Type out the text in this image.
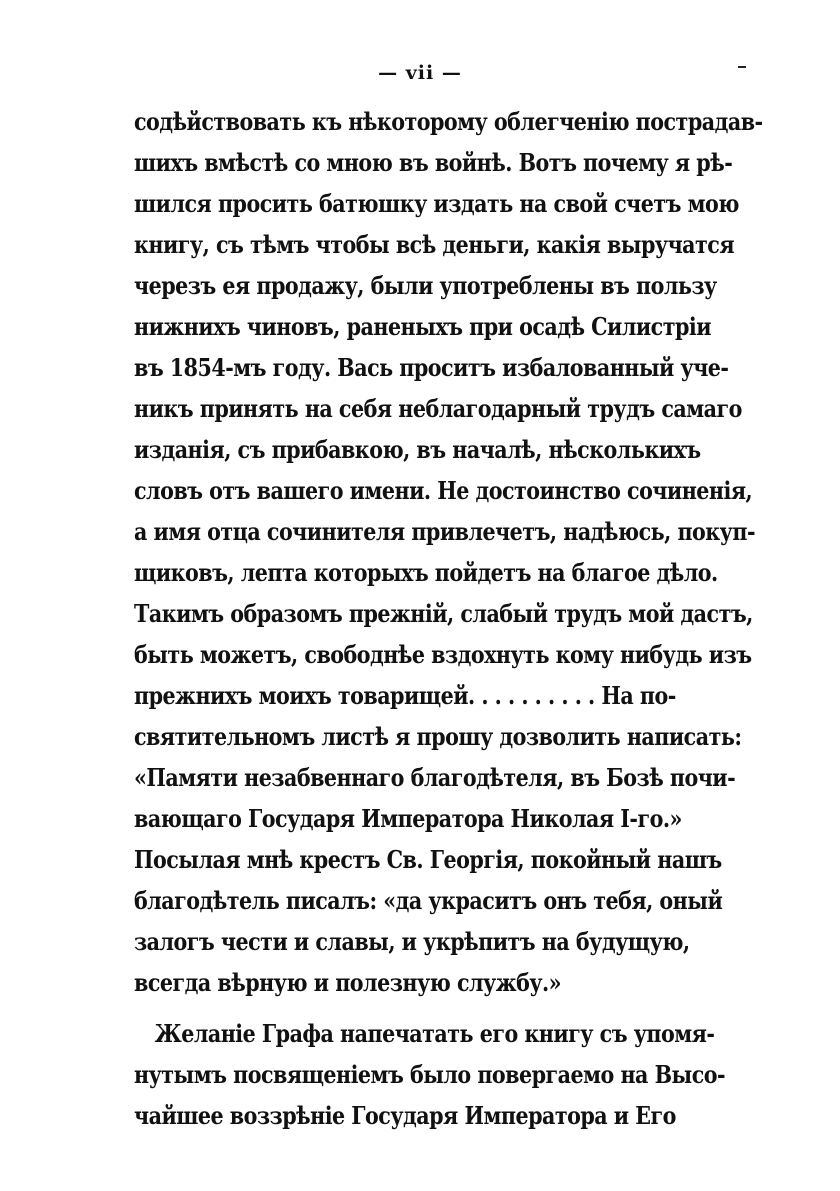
— vii —
содѣйствовать къ нѣкоторому облегченію пострадав-
шихъ вмѣстѣ со мною въ войнѣ. Вотъ почему я рѣ-
шился просить батюшку издать на свой счетъ мою
книгу, съ тѣмъ чтобы всѣ деньги, какія выручатся
черезъ ея продажу, были употреблены въ пользу
нижнихъ чиновъ, раненыхъ при осадѣ Силистріи
въ 1854-мъ году. Вась проситъ избалованный уче-
никъ принять на себя неблагодарный трудъ самаго
изданія, съ прибавкою, въ началѣ, нѣсколькихъ
словъ отъ вашего имени. Не достоинство сочиненія,
а имя отца сочинителя привлечетъ, надѣюсь, покуп-
щиковъ, лепта которыхъ пойдетъ на благое дѣло.
Такимъ образомъ прежній, слабый трудъ мой дастъ,
быть можетъ, свободнѣе вздохнуть кому нибудь изъ
прежнихъ моихъ товарищей. . . . . . . . . . На по-
святительномъ листѣ я прошу дозволить написать:
«Памяти незабвеннаго благодѣтеля, въ Бозѣ почи-
вающаго Государя Императора Николая I-го.»
Посылая мнѣ крестъ Св. Георгія, покойный нашъ
благодѣтель писалъ: «да украситъ онъ тебя, оный
залогъ чести и славы, и укрѣпитъ на будущую,
всегда вѣрную и полезную службу.»
Желаніе Графа напечатать его книгу съ упомя-
нутымъ посвященіемъ было повергаемо на Высо-
чайшее воззрѣніе Государя Императора и Его
